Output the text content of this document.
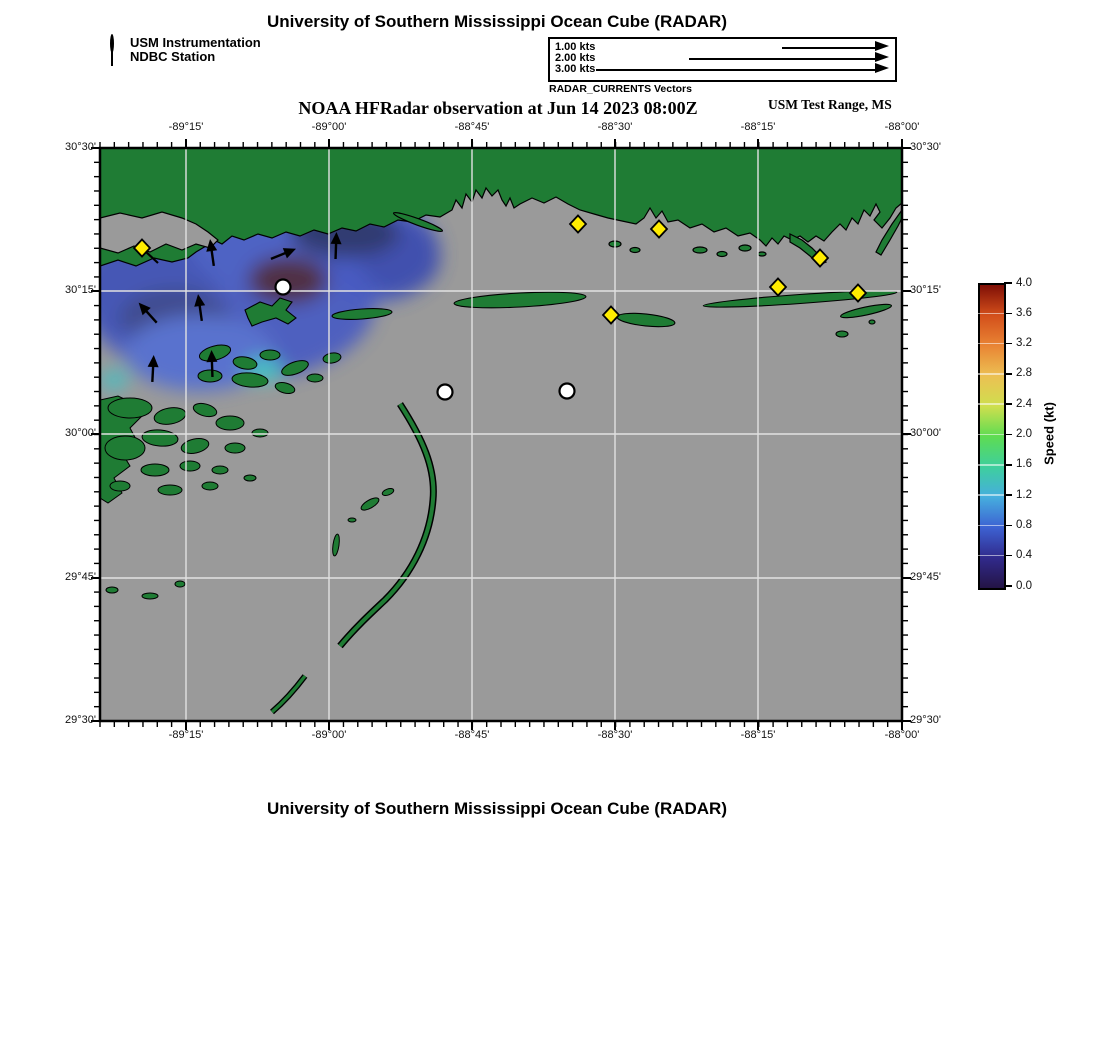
University of Southern Mississippi Ocean Cube (RADAR)
USM Instrumentation
NDBC Station
1.00 kts
2.00 kts
3.00 kts
RADAR_CURRENTS Vectors
NOAA HFRadar observation at Jun 14 2023 08:00Z	USM Test Range, MS
-89°15'
-89°15'
-89°00'
-89°00'
-88°45'
-88°45'
-88°30'
-88°30'
-88°15'
-88°15'
-88°00'
-88°00'
30°30'	30°30'
30°15'	30°15'
30°00'	30°00'
29°45'	29°45'
29°30'	29°30'
4.0
3.6
3.2
2.8
2.4
2.0
1.6
1.2
0.8
0.4
0.0
Speed (kt)
University of Southern Mississippi Ocean Cube (RADAR)
